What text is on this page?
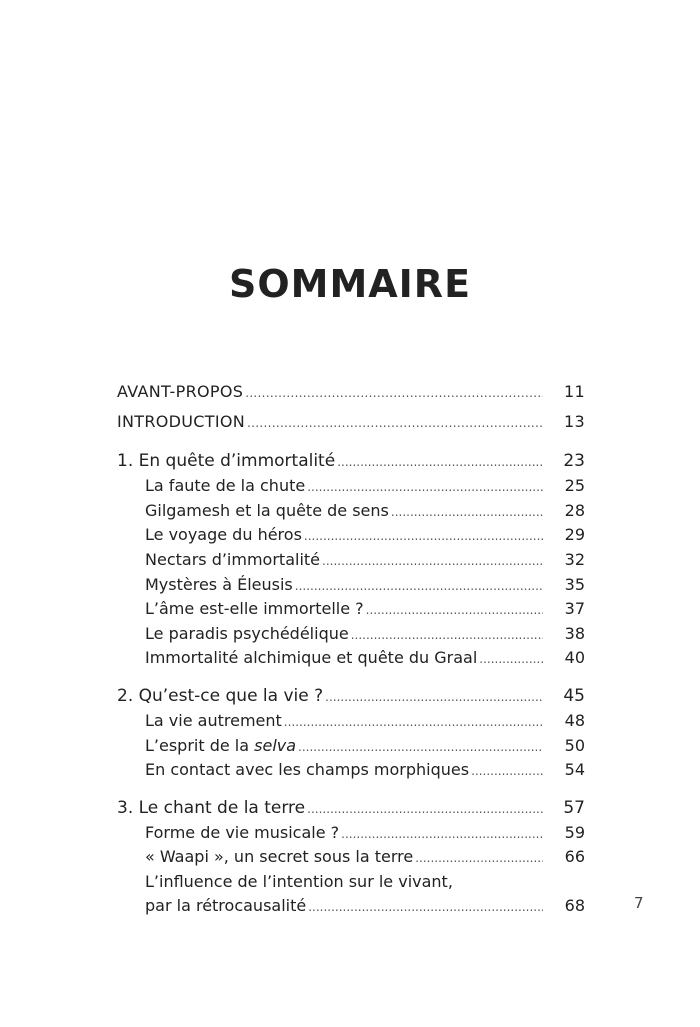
SOMMAIRE
AVANT-PROPOS .....	11
INTRODUCTION .....	13
1. En quête d’immortalité .....	23
La faute de la chute .....	25
Gilgamesh et la quête de sens .....	28
Le voyage du héros .....	29
Nectars d’immortalité .....	32
Mystères à Éleusis .....	35
L’âme est-elle immortelle ? .....	37
Le paradis psychédélique .....	38
Immortalité alchimique et quête du Graal .....	40
2. Qu’est-ce que la vie ? .....	45
La vie autrement .....	48
L’esprit de la selva .....	50
En contact avec les champs morphiques .....	54
3. Le chant de la terre .....	57
Forme de vie musicale ? .....	59
« Waapi », un secret sous la terre .....	66
L’influence de l’intention sur le vivant,
par la rétrocausalité .....	68	7
